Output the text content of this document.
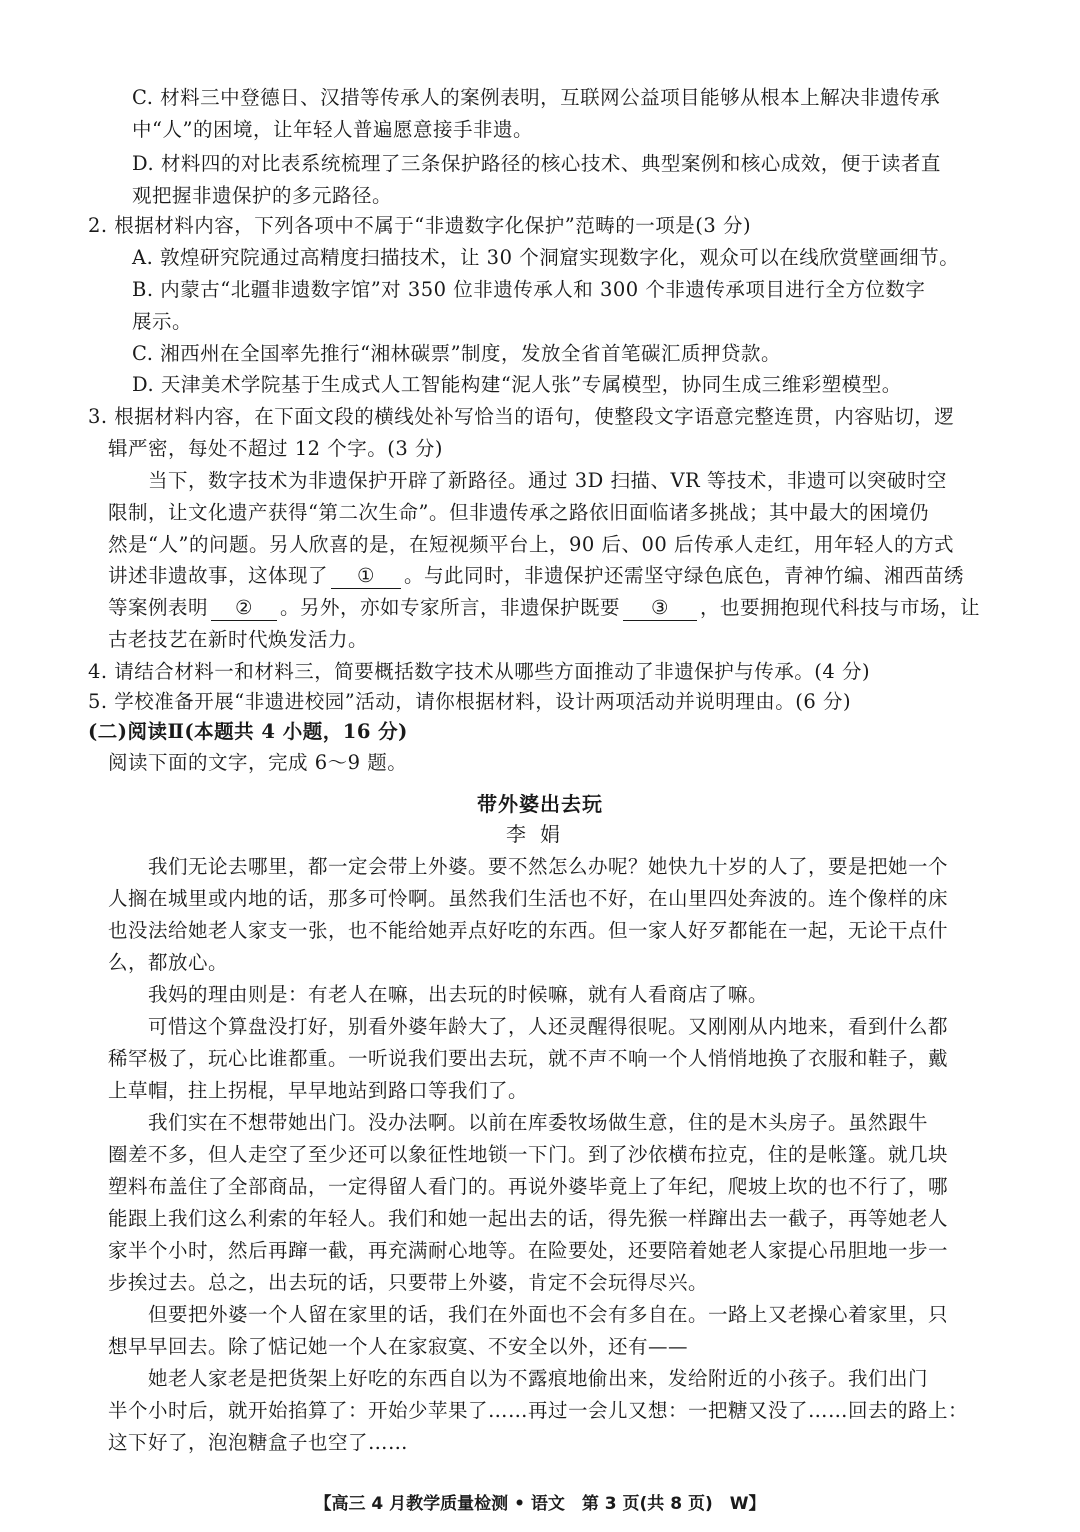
C. 材料三中登德日、汉措等传承人的案例表明，互联网公益项目能够从根本上解决非遗传承
中“人”的困境，让年轻人普遍愿意接手非遗。
D. 材料四的对比表系统梳理了三条保护路径的核心技术、典型案例和核心成效，便于读者直
观把握非遗保护的多元路径。
2. 根据材料内容，下列各项中不属于“非遗数字化保护”范畴的一项是(3 分)
A. 敦煌研究院通过高精度扫描技术，让 30 个洞窟实现数字化，观众可以在线欣赏壁画细节。
B. 内蒙古“北疆非遗数字馆”对 350 位非遗传承人和 300 个非遗传承项目进行全方位数字
展示。
C. 湘西州在全国率先推行“湘林碳票”制度，发放全省首笔碳汇质押贷款。
D. 天津美术学院基于生成式人工智能构建“泥人张”专属模型，协同生成三维彩塑模型。
3. 根据材料内容，在下面文段的横线处补写恰当的语句，使整段文字语意完整连贯，内容贴切，逻
辑严密，每处不超过 12 个字。(3 分)
当下，数字技术为非遗保护开辟了新路径。通过 3D 扫描、VR 等技术，非遗可以突破时空
限制，让文化遗产获得“第二次生命”。但非遗传承之路依旧面临诸多挑战；其中最大的困境仍
然是“人”的问题。另人欣喜的是，在短视频平台上，90 后、00 后传承人走红，用年轻人的方式
讲述非遗故事，这体现了 ① 。与此同时，非遗保护还需坚守绿色底色，青神竹编、湘西苗绣
等案例表明 ② 。另外，亦如专家所言，非遗保护既要 ③ ，也要拥抱现代科技与市场，让
古老技艺在新时代焕发活力。
4. 请结合材料一和材料三，简要概括数字技术从哪些方面推动了非遗保护与传承。(4 分)
5. 学校准备开展“非遗进校园”活动，请你根据材料，设计两项活动并说明理由。(6 分)
(二)阅读Ⅱ(本题共 4 小题，16 分)
阅读下面的文字，完成 6～9 题。
带外婆出去玩
李娟
我们无论去哪里，都一定会带上外婆。要不然怎么办呢？她快九十岁的人了，要是把她一个
人搁在城里或内地的话，那多可怜啊。虽然我们生活也不好，在山里四处奔波的。连个像样的床
也没法给她老人家支一张，也不能给她弄点好吃的东西。但一家人好歹都能在一起，无论干点什
么，都放心。
我妈的理由则是：有老人在嘛，出去玩的时候嘛，就有人看商店了嘛。
可惜这个算盘没打好，别看外婆年龄大了，人还灵醒得很呢。又刚刚从内地来，看到什么都
稀罕极了，玩心比谁都重。一听说我们要出去玩，就不声不响一个人悄悄地换了衣服和鞋子，戴
上草帽，拄上拐棍，早早地站到路口等我们了。
我们实在不想带她出门。没办法啊。以前在库委牧场做生意，住的是木头房子。虽然跟牛
圈差不多，但人走空了至少还可以象征性地锁一下门。到了沙依横布拉克，住的是帐篷。就几块
塑料布盖住了全部商品，一定得留人看门的。再说外婆毕竟上了年纪，爬坡上坎的也不行了，哪
能跟上我们这么利索的年轻人。我们和她一起出去的话，得先猴一样蹿出去一截子，再等她老人
家半个小时，然后再蹿一截，再充满耐心地等。在险要处，还要陪着她老人家提心吊胆地一步一
步挨过去。总之，出去玩的话，只要带上外婆，肯定不会玩得尽兴。
但要把外婆一个人留在家里的话，我们在外面也不会有多自在。一路上又老操心着家里，只
想早早回去。除了惦记她一个人在家寂寞、不安全以外，还有——
她老人家老是把货架上好吃的东西自以为不露痕地偷出来，发给附近的小孩子。我们出门
半个小时后，就开始掐算了：开始少苹果了……再过一会儿又想：一把糖又没了……回去的路上：
这下好了，泡泡糖盒子也空了……
【高三 4 月教学质量检测 • 语文　第 3 页(共 8 页)　W】
